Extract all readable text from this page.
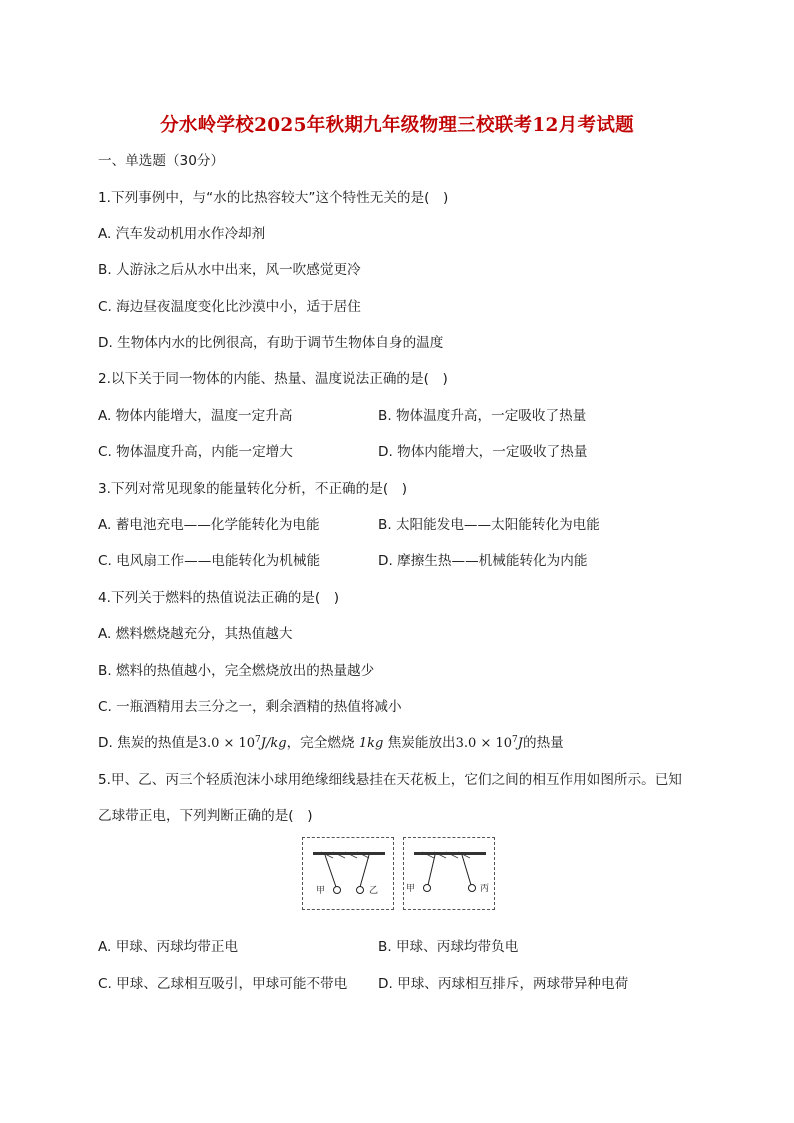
分水岭学校2025年秋期九年级物理三校联考12月考试题
一、单选题（30分）
1.下列事例中，与“水的比热容较大”这个特性无关的是(　)
A. 汽车发动机用水作冷却剂
B. 人游泳之后从水中出来，风一吹感觉更冷
C. 海边昼夜温度变化比沙漠中小，适于居住
D. 生物体内水的比例很高，有助于调节生物体自身的温度
2.以下关于同一物体的内能、热量、温度说法正确的是(　)
A. 物体内能增大，温度一定升高	B. 物体温度升高，一定吸收了热量
C. 物体温度升高，内能一定增大	D. 物体内能增大，一定吸收了热量
3.下列对常见现象的能量转化分析，不正确的是(　)
A. 蓄电池充电——化学能转化为电能	B. 太阳能发电——太阳能转化为电能
C. 电风扇工作——电能转化为机械能	D. 摩擦生热——机械能转化为内能
4.下列关于燃料的热值说法正确的是(　)
A. 燃料燃烧越充分，其热值越大
B. 燃料的热值越小，完全燃烧放出的热量越少
C. 一瓶酒精用去三分之一，剩余酒精的热值将减小
D. 焦炭的热值是$3.0 \times 10^7J/kg$，完全燃烧 1kg 焦炭能放出$3.0 \times 10^7J$的热量
5.甲、乙、丙三个轻质泡沫小球用绝缘细线悬挂在天花板上，它们之间的相互作用如图所示。已知
乙球带正电，下列判断正确的是(　)
甲	乙	甲	丙
A. 甲球、丙球均带正电	B. 甲球、丙球均带负电
C. 甲球、乙球相互吸引，甲球可能不带电 D. 甲球、丙球相互排斥，两球带异种电荷
